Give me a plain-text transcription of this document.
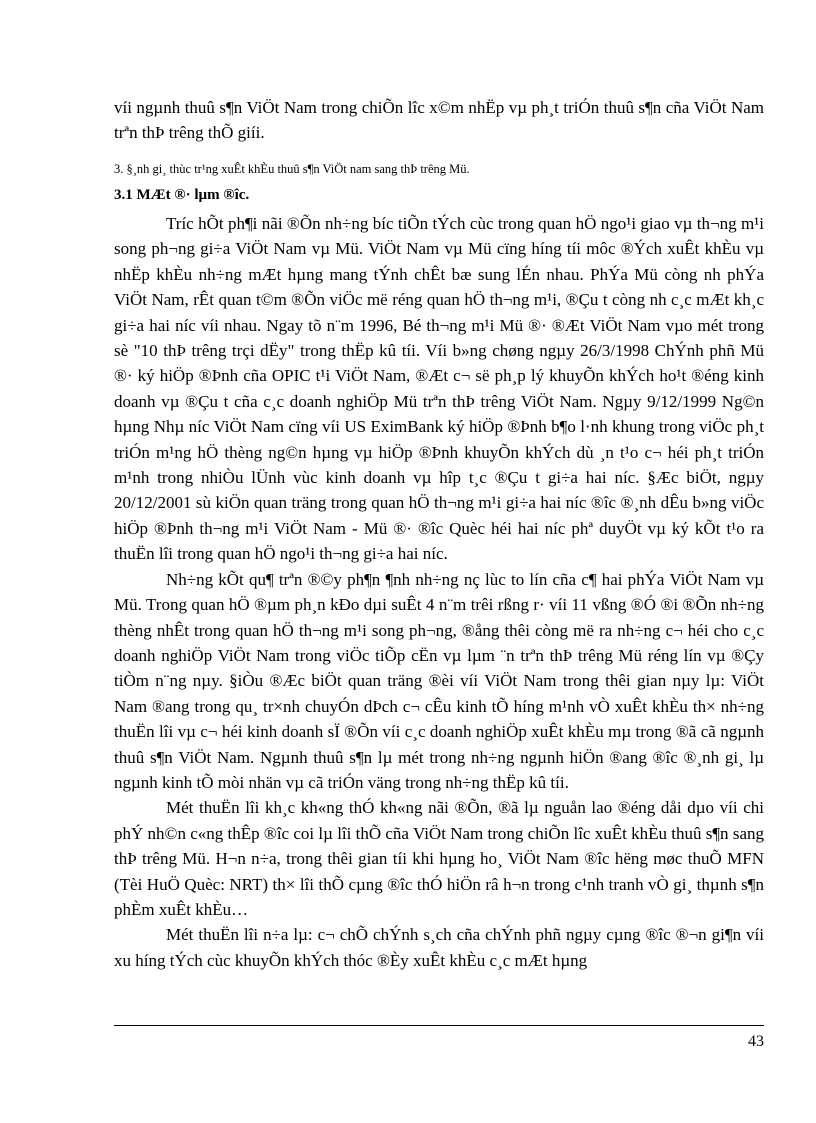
víi ngµnh thuû s¶n ViÖt Nam trong chiÕn lîc x©m nhËp vµ ph¸t triÓn thuû s¶n cña ViÖt Nam trªn thÞ trêng thÕ giíi.

3. §¸nh gi¸ thùc tr¹ng xuÊt khÈu thuû s¶n ViÖt nam sang thÞ trêng Mü.
3.1 MÆt ®· lµm ®îc.

Tríc hÕt ph¶i nãi ®Õn nh÷ng bíc tiÕn tÝch cùc trong quan hÖ ngo¹i giao vµ th¬ng m¹i song ph¬ng gi÷a ViÖt Nam vµ Mü. ViÖt Nam vµ Mü cïng híng tíi môc ®Ých xuÊt khÈu vµ nhËp khÈu nh÷ng mÆt hµng mang tÝnh chÊt bæ sung lÉn nhau. PhÝa Mü còng nh phÝa ViÖt Nam, rÊt quan t©m ®Õn viÖc më réng quan hÖ th¬ng m¹i, ®Çu t còng nh c¸c mÆt kh¸c gi÷a hai níc víi nhau. Ngay tõ n¨m 1996, Bé th¬ng m¹i Mü ®· ®Æt ViÖt Nam vµo mét trong sè "10 thÞ trêng trçi dËy" trong thËp kû tíi. Víi b»ng chøng ngµy 26/3/1998 ChÝnh phñ Mü ®· ký hiÖp ®Þnh cña OPIC t¹i ViÖt Nam, ®Æt c¬ së ph¸p lý khuyÕn khÝch ho¹t ®éng kinh doanh vµ ®Çu t cña c¸c doanh nghiÖp Mü trªn thÞ trêng ViÖt Nam. Ngµy 9/12/1999 Ng©n hµng Nhµ níc ViÖt Nam cïng víi US EximBank ký hiÖp ®Þnh b¶o l·nh khung trong viÖc ph¸t triÓn m¹ng hÖ thèng ng©n hµng vµ hiÖp ®Þnh khuyÕn khÝch dù ¸n t¹o c¬ héi ph¸t triÓn m¹nh trong nhiÒu lÜnh vùc kinh doanh vµ hîp t¸c ®Çu t gi÷a hai níc. §Æc biÖt, ngµy 20/12/2001 sù kiÖn quan träng trong quan hÖ th¬ng m¹i gi÷a hai níc ®îc ®¸nh dÊu b»ng viÖc hiÖp ®Þnh th¬ng m¹i ViÖt Nam - Mü ®· ®îc Quèc héi hai níc phª duyÖt vµ ký kÕt t¹o ra thuËn lîi trong quan hÖ ngo¹i th¬ng gi÷a hai níc.

Nh÷ng kÕt qu¶ trªn ®©y ph¶n ¶nh nh÷ng nç lùc to lín cña c¶ hai phÝa ViÖt Nam vµ Mü. Trong quan hÖ ®µm ph¸n kÐo dµi suÊt 4 n¨m trêi rßng r· víi 11 vßng ®Ó ®i ®Õn nh÷ng thèng nhÊt trong quan hÖ th¬ng m¹i song ph¬ng, ®ång thêi còng më ra nh÷ng c¬ héi cho c¸c doanh nghiÖp ViÖt Nam trong viÖc tiÕp cËn vµ lµm ¨n trªn thÞ trêng Mü réng lín vµ ®Çy tiÒm n¨ng nµy. §iÒu ®Æc biÖt quan träng ®èi víi ViÖt Nam trong thêi gian nµy lµ: ViÖt Nam ®ang trong qu¸ tr×nh chuyÓn dÞch c¬ cÊu kinh tÕ híng m¹nh vÒ xuÊt khÈu th× nh÷ng thuËn lîi vµ c¬ héi kinh doanh sÏ ®Õn víi c¸c doanh nghiÖp xuÊt khÈu mµ trong ®ã cã ngµnh thuû s¶n ViÖt Nam. Ngµnh thuû s¶n lµ mét trong nh÷ng ngµnh hiÖn ®ang ®îc ®¸nh gi¸ lµ ngµnh kinh tÕ mòi nhän vµ cã triÓn väng trong nh÷ng thËp kû tíi.

Mét thuËn lîi kh¸c kh«ng thÓ kh«ng nãi ®Õn, ®ã lµ nguån lao ®éng dåi dµo víi chi phÝ nh©n c«ng thÊp ®îc coi lµ lîi thÕ cña ViÖt Nam trong chiÕn lîc xuÊt khÈu thuû s¶n sang thÞ trêng Mü. H¬n n÷a, trong thêi gian tíi khi hµng ho¸ ViÖt Nam ®îc hëng møc thuÕ MFN (Tèi HuÖ Quèc: NRT) th× lîi thÕ cµng ®îc thÓ hiÖn râ h¬n trong c¹nh tranh vÒ gi¸ thµnh s¶n phÈm xuÊt khÈu…

Mét thuËn lîi n÷a lµ: c¬ chÕ chÝnh s¸ch cña chÝnh phñ ngµy cµng ®îc ®¬n gi¶n víi xu híng tÝch cùc khuyÕn khÝch thóc ®Èy xuÊt khÈu c¸c mÆt hµng

43
